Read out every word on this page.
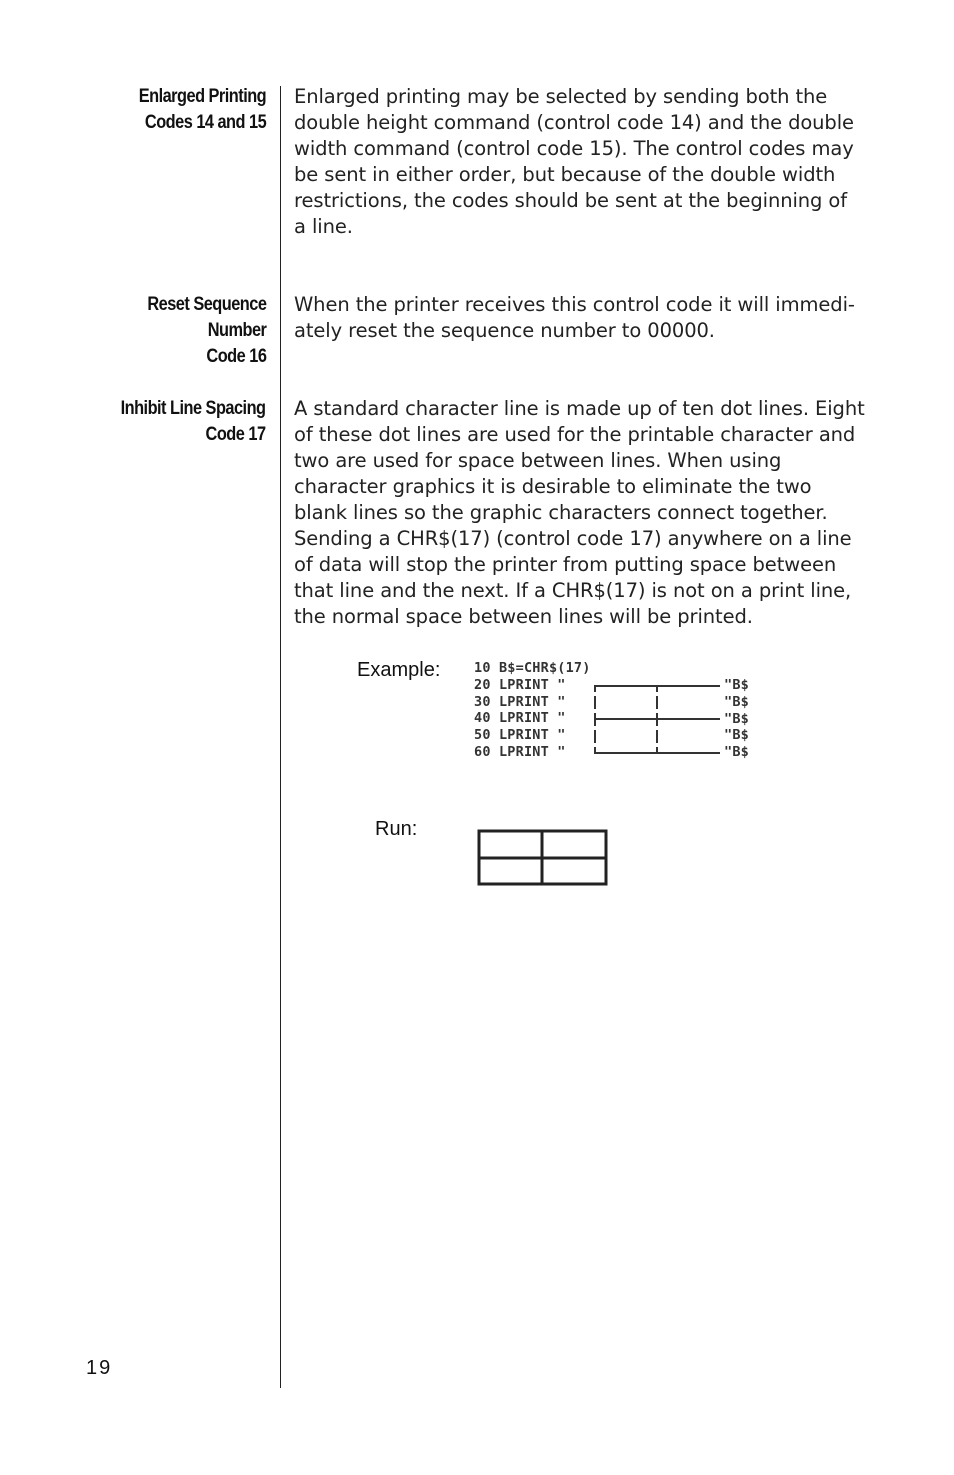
Enlarged Printing
Codes 14 and 15
Enlarged printing may be selected by sending both the
double height command (control code 14) and the double
width command (control code 15). The control codes may
be sent in either order, but because of the double width
restrictions, the codes should be sent at the beginning of
a line.
Reset Sequence
Number
Code 16
When the printer receives this control code it will immedi-
ately reset the sequence number to 00000.
Inhibit Line Spacing
Code 17
A standard character line is made up of ten dot lines. Eight
of these dot lines are used for the printable character and
two are used for space between lines. When using
character graphics it is desirable to eliminate the two
blank lines so the graphic characters connect together.
Sending a CHR$(17) (control code 17) anywhere on a line
of data will stop the printer from putting space between
that line and the next. If a CHR$(17) is not on a print line,
the normal space between lines will be printed.
Example: 10 B$=CHR$(17)
20 LPRINT "
30 LPRINT "
40 LPRINT "
50 LPRINT "
60 LPRINT "
"B$
"B$
"B$
"B$
"B$
Run:
19
